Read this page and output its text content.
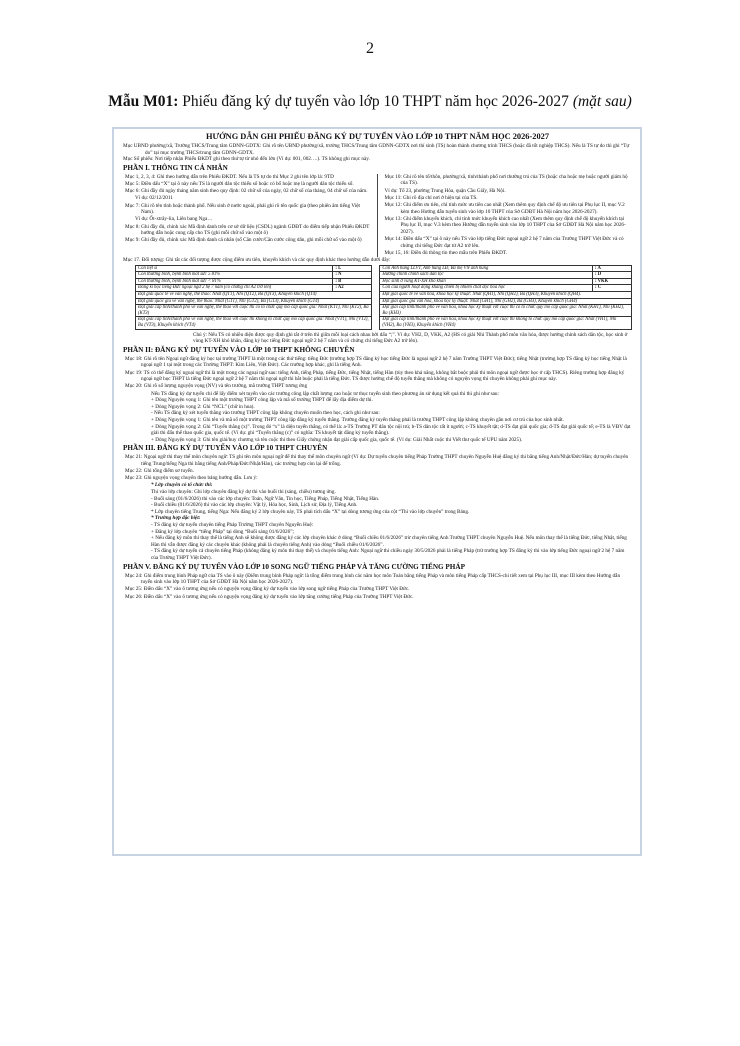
2
Mẫu M01: Phiếu đăng ký dự tuyển vào lớp 10 THPT năm học 2026-2027 (mặt sau)
HƯỚNG DẪN GHI PHIẾU ĐĂNG KÝ DỰ TUYỂN VÀO LỚP 10 THPT NĂM HỌC 2026-2027

Mục UBND phường/xã, Trường THCS/Trung tâm GDNN-GDTX: Ghi rõ tên UBND phường/xã, trường THCS/Trung tâm GDNN-GDTX nơi thí sinh (TS) hoàn thành chương trình THCS (hoặc đã tốt nghiệp THCS). Nếu là TS tự do thì ghi “Tự do” tại mục trường THCS/trung tâm GDNN-GDTX.

Mục Số phiếu: Nơi tiếp nhận Phiếu ĐKDT ghi theo thứ tự từ nhỏ đến lớn (Ví dụ: 001, 002….). TS không ghi mục này.

PHẦN I. THÔNG TIN CÁ NHÂN
Mục 1, 2, 3, 4: Ghi theo hướng dẫn trên Phiếu ĐKDT. Nếu là TS tự do thì Mục 2 ghi tên lớp là: 9TD
Mục 5: Điền dấu “X” tại ô này nếu TS là người dân tộc thiểu số hoặc có bố hoặc mẹ là người dân tộc thiểu số.
Mục 6: Ghi đầy đủ ngày tháng năm sinh theo quy định: 02 chữ số của ngày, 02 chữ số của tháng, 04 chữ số của năm.
Ví dụ: 02/12/2011
Mục 7: Ghi rõ tên tỉnh hoặc thành phố. Nếu sinh ở nước ngoài, phải ghi rõ tên quốc gia (theo phiên âm tiếng Việt Nam).
Ví dụ: Ốt-xtrây-lia, Liên bang Nga…
Mục 8: Ghi đầy đủ, chính xác Mã định danh trên cơ sở dữ liệu (CSDL) ngành GDĐT do điểm tiếp nhận Phiếu ĐKDT hướng dẫn hoặc cung cấp cho TS (ghi mỗi chữ số vào một ô)
Mục 9: Ghi đầy đủ, chính xác Mã định danh cá nhân (số Căn cước/Căn cước công dân, ghi mỗi chữ số vào một ô)
Mục 10: Ghi rõ tên tổ/thôn, phường/xã, tỉnh/thành phố nơi thường trú của TS (hoặc cha hoặc mẹ hoặc người giám hộ của TS).
Ví dụ: Tổ 23, phường Trung Hòa, quận Cầu Giấy, Hà Nội.
Mục 11: Ghi rõ địa chỉ nơi ở hiện tại của TS.
Mục 12: Ghi điểm ưu tiên, chỉ tính mức ưu tiên cao nhất (Xem thêm quy định chế độ ưu tiên tại Phụ lục II, mục V.2 kèm theo Hướng dẫn tuyển sinh vào lớp 10 THPT của Sở GDĐT Hà Nội năm học 2026-2027).
Mục 13: Ghi điểm khuyến khích, chỉ tính mức khuyến khích cao nhất (Xem thêm quy định chế độ khuyến khích tại Phụ lục II, mục V.3 kèm theo Hướng dẫn tuyển sinh vào lớp 10 THPT của Sở GDĐT Hà Nội năm học 2026-2027).
Mục 14: Điền dấu “X” tại ô này nếu TS vào lớp tiếng Đức ngoại ngữ 2 hệ 7 năm của Trường THPT Việt Đức và có chứng chỉ tiếng Đức đạt từ A2 trở lên.
Mục 15, 16: Điền đủ thông tin theo mẫu trên Phiếu ĐKDT.

Mục 17. Đối tượng: Ghi tắt các đối tượng được cộng điểm ưu tiên, khuyến khích và các quy định khác theo hướng dẫn dưới đây:

Con liệt sĩ	: L
Con thương binh, bệnh binh mất sức ≥ 81%	: N
Con thương binh, bệnh binh mất sức < 81%	: B
Đăng kí học tiếng Đức ngoại ngữ 2 hệ 7 năm (có chứng chỉ A2 trở lên)	: A2
Đạt giải quốc tế về văn nghệ, thể thao: Nhất (QT1), Nhì (QT2), Ba (QT3), Khuyến khích (QT4)	
Đạt giải quốc gia về văn nghệ, thể thao: Nhất (GT1), Nhì (GT2), Ba (GT3), Khuyến khích (GT4)	
Đạt giải cấp tỉnh/thành phố về văn nghệ, thể thao với cuộc thi có tổ chức quy mô cấp quốc gia: Nhất (KT1), Nhì (KT2), Ba (KT3)	
Đạt giải cấp tỉnh/thành phố về văn nghệ, thể thao với cuộc thi không tổ chức quy mô cấp quốc gia: Nhất (VT1), Nhì (VT2), Ba (VT3), Khuyến khích (VT4)	
Con Anh hùng LLVT, Anh hùng LĐ, Bà mẹ VN anh hùng	: A
Hưởng chính chính sách dân tộc	: D
Học sinh ở vùng KT-XH khó khăn	: VKK
Con của người hoạt động kháng chiến bị nhiễm chất độc hóa học	: C
Đạt giải quốc tế về văn hóa, khoa học kỹ thuật: Nhất (QH1), Nhì (QH2), Ba (QH3), Khuyến khích (QH4).	
Đạt giải quốc gia văn hóa, khoa học kỹ thuật: Nhất (GH1), Nhì (GH2), Ba (GH3), Khuyến khích (GH4)	
Đạt giải cấp tỉnh/thành phố về văn hóa, khoa học kỹ thuật với cuộc thi có tổ chức quy mô cấp quốc gia: Nhất (KH1), Nhì (KH2), Ba (KH3)	
Đạt giải cấp tỉnh/thành phố về văn hóa, khoa học kỹ thuật với cuộc thi không tổ chức quy mô cấp quốc gia: Nhất (VH1), Nhì (VH2), Ba (VH3), Khuyến khích (VH4)	

Chú ý: Nếu TS có nhiều diện được quy định ghi tắt ở trên thì giữa mỗi loại cách nhau bởi dấu “;”. Ví dụ: VH2, D, VKK, A2 (HS có giải Nhì Thành phố môn văn hóa, được hưởng chính sách dân tộc, học sinh ở vùng KT-XH khó khăn, đăng ký học tiếng Đức ngoại ngữ 2 hệ 7 năm và có chứng chỉ tiếng Đức A2 trở lên).

PHẦN II: ĐĂNG KÝ DỰ TUYỂN VÀO LỚP 10 THPT KHÔNG CHUYÊN
Mục 18: Ghi rõ tên Ngoại ngữ đăng ký học tại trường THPT là một trong các thứ tiếng: tiếng Đức (trường hợp TS đăng ký học tiếng Đức là ngoại ngữ 2 hệ 7 năm Trường THPT Việt Đức); tiếng Nhật (trường hợp TS đăng ký học tiếng Nhật là ngoại ngữ 1 tại một trong các Trường THPT: Kim Liên, Việt Đức). Các trường hợp khác, ghi là tiếng Anh.
Mục 19: TS có thể đăng ký ngoại ngữ thi là một trong các ngoại ngữ sau: tiếng Anh, tiếng Pháp, tiếng Đức, tiếng Nhật, tiếng Hàn (tùy theo khả năng, không bắt buộc phải thi môn ngoại ngữ được học ở cấp THCS). Riêng trường hợp đăng ký ngoại ngữ học THPT là tiếng Đức ngoại ngữ 2 hệ 7 năm thì ngoại ngữ thi bắt buộc phải là tiếng Đức. TS được hưởng chế độ tuyển thẳng mà không có nguyện vọng thi chuyên không phải ghi mục này.
Mục 20: Ghi rõ số lượng nguyện vọng (NV) và tên trường, mã trường THPT tương ứng
Nếu TS đăng ký dự tuyển chỉ để lấy điểm xét tuyển vào các trường công lập chất lượng cao hoặc tư thục tuyển sinh theo phương án sử dụng kết quả thi thì ghi như sau:
+ Dòng Nguyện vọng 1: Ghi tên một trường THPT công lập và mã số trường THPT để lấy địa điểm dự thi.
+ Dòng Nguyện vọng 2: Ghi “NCL” (chữ in hoa).
- Nếu TS đăng ký xét tuyển thẳng vào trường THPT công lập không chuyên muốn theo học, cách ghi như sau:
+ Dòng Nguyện vọng 1: Ghi tên và mã số một trường THPT công lập đăng ký tuyển thẳng. Trường đăng ký tuyển thẳng phải là trường THPT công lập không chuyên gần nơi cư trú của học sinh nhất.
+ Dòng Nguyện vọng 2: Ghi “Tuyển thẳng (x)”. Trong đó “x” là diện tuyển thẳng, có thể là: a-TS Trường PT dân tộc nội trú; b-TS dân tộc rất ít người; c-TS khuyết tật; d-TS đạt giải quốc gia; đ-TS đạt giải quốc tế; e-TS là VĐV đạt giải thi đấu thể thao quốc gia, quốc tế. (Ví dụ: ghi “Tuyển thẳng (c)” có nghĩa: TS khuyết tật đăng ký tuyển thẳng).
+ Dòng Nguyện vọng 3: Ghi tên giải/huy chương và tên cuộc thi theo Giấy chứng nhận đạt giải cấp quốc gia, quốc tế. (Ví dụ: Giải Nhất cuộc thi Viết thư quốc tế UPU năm 2025).
PHẦN III. ĐĂNG KÝ DỰ TUYỂN VÀO LỚP 10 THPT CHUYÊN
Mục 21: Ngoại ngữ thi thay thế môn chuyên ngữ: TS ghi tên môn ngoại ngữ để thi thay thế môn chuyên ngữ (Ví dụ: Dự tuyển chuyên tiếng Pháp Trường THPT chuyên Nguyễn Huệ đăng ký thi bằng tiếng Anh/Nhật/Đức/Hàn; dự tuyển chuyên tiếng Trung/tiếng Nga thi bằng tiếng Anh/Pháp/Đức/Nhật/Hàn), các trường hợp còn lại để trống.
Mục 22: Ghi tổng điểm sơ tuyển.
Mục 23: Ghi nguyện vọng chuyên theo bảng hướng dẫn. Lưu ý:
* Lớp chuyên có tổ chức thi:
Thi vào lớp chuyên: Ghi lớp chuyên đăng ký dự thi vào buổi thi (sáng, chiều) tương ứng.
- Buổi sáng (01/6/2026) thi vào các lớp chuyên: Toán, Ngữ Văn, Tin học, Tiếng Pháp, Tiếng Nhật, Tiếng Hàn.
- Buổi chiều (01/6/2026) thi vào các lớp chuyên: Vật lý, Hóa học, Sinh, Lịch sử, Địa lý, Tiếng Anh.
* Lớp chuyên tiếng Trung, tiếng Nga: Nếu đăng ký 2 lớp chuyên này, TS phải tích dấu “X” tại dòng tương ứng của cột “Thi vào lớp chuyên” trong Bảng.
* Trường hợp đặc biệt:
- TS đăng ký dự tuyển chuyên tiếng Pháp Trường THPT chuyên Nguyễn Huệ:
+ Đăng ký lớp chuyên “tiếng Pháp” tại dòng “Buổi sáng 01/6/2026”;
+ Nếu đăng ký môn thi thay thế là tiếng Anh sẽ không được đăng ký các lớp chuyên khác ở dòng “Buổi chiều 01/6/2026” trừ chuyên tiếng Anh Trường THPT chuyên Nguyễn Huệ. Nếu môn thay thế là tiếng Đức, tiếng Nhật, tiếng Hàn thì vẫn được đăng ký các chuyên khác (không phải là chuyên tiếng Anh) vào dòng “Buổi chiều 01/6/2026”.
- TS đăng ký dự tuyển cả chuyên tiếng Pháp (không đăng ký môn thi thay thế) và chuyên tiếng Anh: Ngoại ngữ thi chiều ngày 30/5/2026 phải là tiếng Pháp (trừ trường hợp TS đăng ký thi vào lớp tiếng Đức ngoại ngữ 2 hệ 7 năm của Trường THPT Việt Đức).
PHẦN V. ĐĂNG KÝ DỰ TUYỂN VÀO LỚP 10 SONG NGỮ TIẾNG PHÁP VÀ TĂNG CƯỜNG TIẾNG PHÁP
Mục 24: Ghi điểm trung bình Pháp ngữ của TS vào ô này (Điểm trung bình Pháp ngữ: là tổng điểm trung bình các năm học môn Toán bằng tiếng Pháp và môn tiếng Pháp cấp THCS-chi tiết xem tại Phụ lục III, mục III kèm theo Hướng dẫn tuyển sinh vào lớp 10 THPT của Sở GDĐT Hà Nội năm học 2026-2027).
Mục 25: Điền dấu “X” vào ô tương ứng nếu có nguyện vọng đăng ký dự tuyển vào lớp song ngữ tiếng Pháp của Trường THPT Việt Đức.
Mục 26: Điền dấu “X” vào ô tương ứng nếu có nguyện vọng đăng ký dự tuyển vào lớp tăng cường tiếng Pháp của Trường THPT Việt Đức.
